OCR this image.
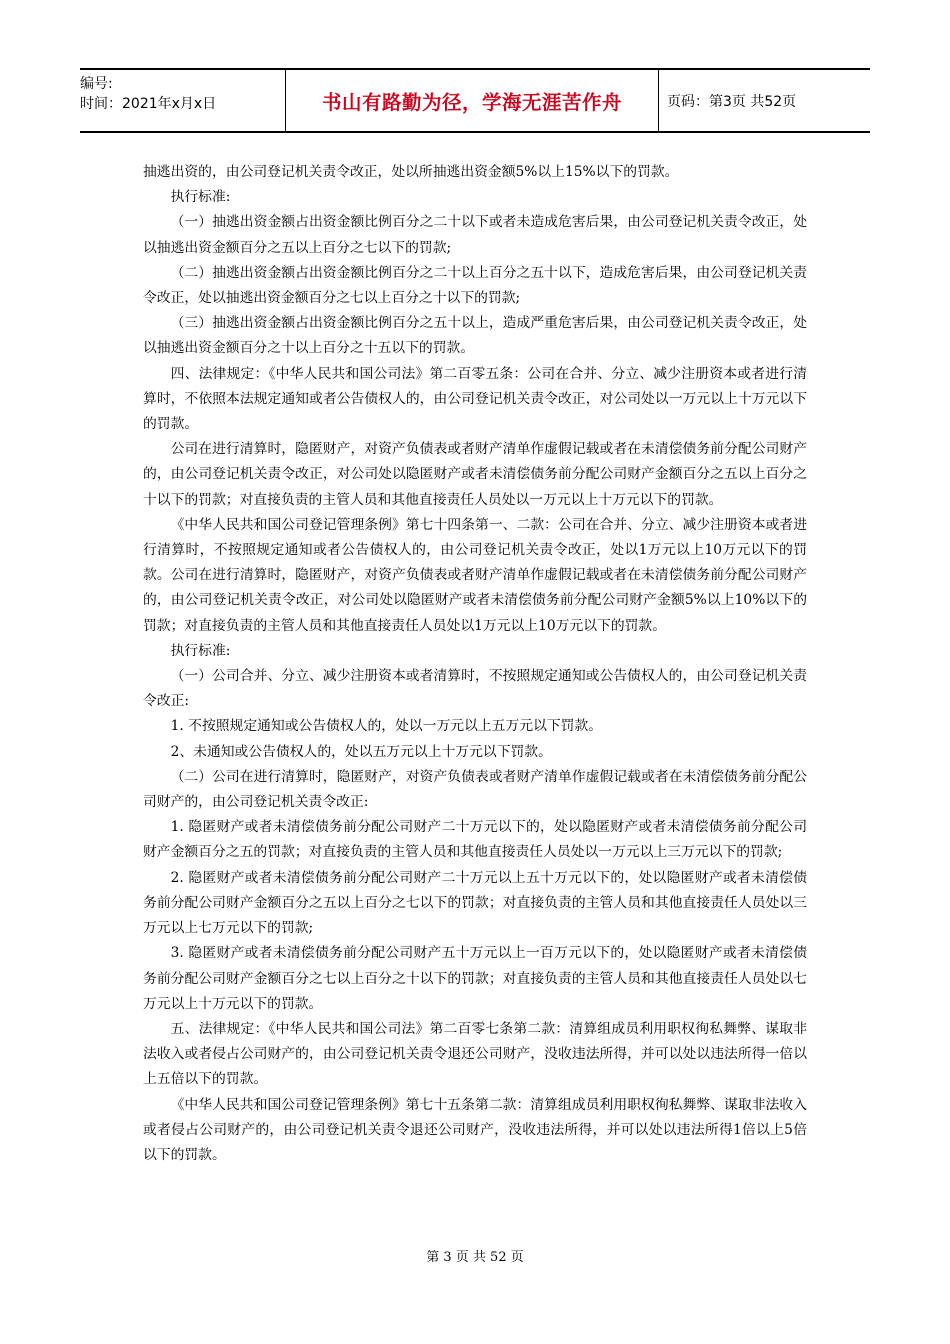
编号:
时间：2021年x月x日	书山有路勤为径，学海无涯苦作舟	页码：第3页 共52页

抽逃出资的，由公司登记机关责令改正，处以所抽逃出资金额5%以上15%以下的罚款。

执行标准:

（一）抽逃出资金额占出资金额比例百分之二十以下或者未造成危害后果，由公司登记机关责令改正，处以抽逃出资金额百分之五以上百分之七以下的罚款;

（二）抽逃出资金额占出资金额比例百分之二十以上百分之五十以下，造成危害后果，由公司登记机关责令改正，处以抽逃出资金额百分之七以上百分之十以下的罚款;

（三）抽逃出资金额占出资金额比例百分之五十以上，造成严重危害后果，由公司登记机关责令改正，处以抽逃出资金额百分之十以上百分之十五以下的罚款。

四、法律规定：《中华人民共和国公司法》第二百零五条：公司在合并、分立、减少注册资本或者进行清算时，不依照本法规定通知或者公告债权人的，由公司登记机关责令改正，对公司处以一万元以上十万元以下的罚款。

公司在进行清算时，隐匿财产，对资产负债表或者财产清单作虚假记载或者在未清偿债务前分配公司财产的，由公司登记机关责令改正，对公司处以隐匿财产或者未清偿债务前分配公司财产金额百分之五以上百分之十以下的罚款；对直接负责的主管人员和其他直接责任人员处以一万元以上十万元以下的罚款。

《中华人民共和国公司登记管理条例》第七十四条第一、二款：公司在合并、分立、减少注册资本或者进行清算时，不按照规定通知或者公告债权人的，由公司登记机关责令改正，处以1万元以上10万元以下的罚款。公司在进行清算时，隐匿财产，对资产负债表或者财产清单作虚假记载或者在未清偿债务前分配公司财产的，由公司登记机关责令改正，对公司处以隐匿财产或者未清偿债务前分配公司财产金额5%以上10%以下的罚款；对直接负责的主管人员和其他直接责任人员处以1万元以上10万元以下的罚款。

执行标准:

（一）公司合并、分立、减少注册资本或者清算时，不按照规定通知或公告债权人的，由公司登记机关责令改正:

1. 不按照规定通知或公告债权人的，处以一万元以上五万元以下罚款。

2、未通知或公告债权人的，处以五万元以上十万元以下罚款。

（二）公司在进行清算时，隐匿财产，对资产负债表或者财产清单作虚假记载或者在未清偿债务前分配公司财产的，由公司登记机关责令改正:

1. 隐匿财产或者未清偿债务前分配公司财产二十万元以下的，处以隐匿财产或者未清偿债务前分配公司财产金额百分之五的罚款；对直接负责的主管人员和其他直接责任人员处以一万元以上三万元以下的罚款;

2. 隐匿财产或者未清偿债务前分配公司财产二十万元以上五十万元以下的，处以隐匿财产或者未清偿债务前分配公司财产金额百分之五以上百分之七以下的罚款；对直接负责的主管人员和其他直接责任人员处以三万元以上七万元以下的罚款;

3. 隐匿财产或者未清偿债务前分配公司财产五十万元以上一百万元以下的，处以隐匿财产或者未清偿债务前分配公司财产金额百分之七以上百分之十以下的罚款；对直接负责的主管人员和其他直接责任人员处以七万元以上十万元以下的罚款。

五、法律规定：《中华人民共和国公司法》第二百零七条第二款：清算组成员利用职权徇私舞弊、谋取非法收入或者侵占公司财产的，由公司登记机关责令退还公司财产，没收违法所得，并可以处以违法所得一倍以上五倍以下的罚款。

《中华人民共和国公司登记管理条例》第七十五条第二款：清算组成员利用职权徇私舞弊、谋取非法收入或者侵占公司财产的，由公司登记机关责令退还公司财产，没收违法所得，并可以处以违法所得1倍以上5倍以下的罚款。

第 3 页 共 52 页
